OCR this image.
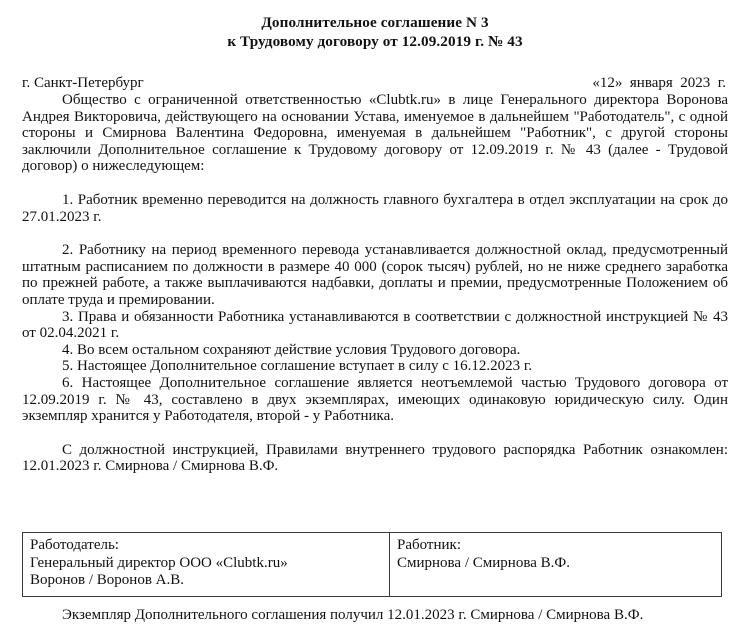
Дополнительное соглашение N 3
к Трудовому договору от 12.09.2019 г. № 43
г. Санкт-Петербург	«12»  января  2023  г.

Общество с ограниченной ответственностью «Clubtk.ru» в лице Генерального директора Воронова Андрея Викторовича, действующего на основании Устава, именуемое в дальнейшем "Работодатель", с одной стороны и Смирнова Валентина Федоровна, именуемая в дальнейшем "Работник", с другой стороны заключили Дополнительное соглашение к Трудовому договору от 12.09.2019 г. № 43 (далее - Трудовой договор) о нижеследующем:

1. Работник временно переводится на должность главного бухгалтера в отдел эксплуатации на срок до 27.01.2023 г.

2. Работнику на период временного перевода устанавливается должностной оклад, предусмотренный штатным расписанием по должности в размере 40 000 (сорок тысяч) рублей, но не ниже среднего заработка по прежней работе, а также выплачиваются надбавки, доплаты и премии, предусмотренные Положением об оплате труда и премировании.

3. Права и обязанности Работника устанавливаются в соответствии с должностной инструкцией № 43 от 02.04.2021 г.

4. Во всем остальном сохраняют действие условия Трудового договора.

5. Настоящее Дополнительное соглашение вступает в силу с 16.12.2023 г.

6. Настоящее Дополнительное соглашение является неотъемлемой частью Трудового договора от 12.09.2019 г. № 43, составлено в двух экземплярах, имеющих одинаковую юридическую силу. Один экземпляр хранится у Работодателя, второй - у Работника.

С должностной инструкцией, Правилами внутреннего трудового распорядка Работник ознакомлен: 12.01.2023 г. Смирнова / Смирнова В.Ф.

Работодатель:
Генеральный директор ООО «Clubtk.ru»
Воронов / Воронов А.В.

Работник:
Смирнова / Смирнова В.Ф.
Экземпляр Дополнительного соглашения получил 12.01.2023 г. Смирнова / Смирнова В.Ф.
